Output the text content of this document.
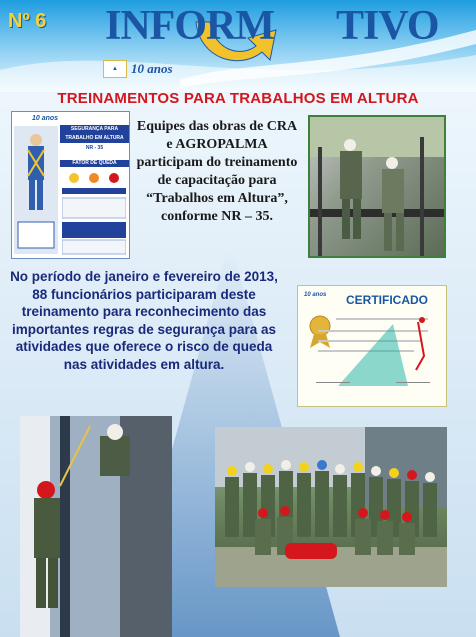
Nº 6 INFORM TIVO
▲	10 anos
TREINAMENTOS PARA TRABALHOS EM ALTURA
10 anos
SEGURANÇA PARA TRABALHO EM ALTURA
NR - 35
FATOR DE QUEDA
Equipes das obras de CRA e AGROPALMA participam do treinamento de capacitação para “Trabalhos em Altura”, conforme NR – 35.
No período de janeiro e fevereiro de 2013, 88 funcionários participaram deste treinamento para reconhecimento das importantes regras de segurança para as atividades que oferece o risco de queda nas atividades em altura.
10 anos CERTIFICADO
